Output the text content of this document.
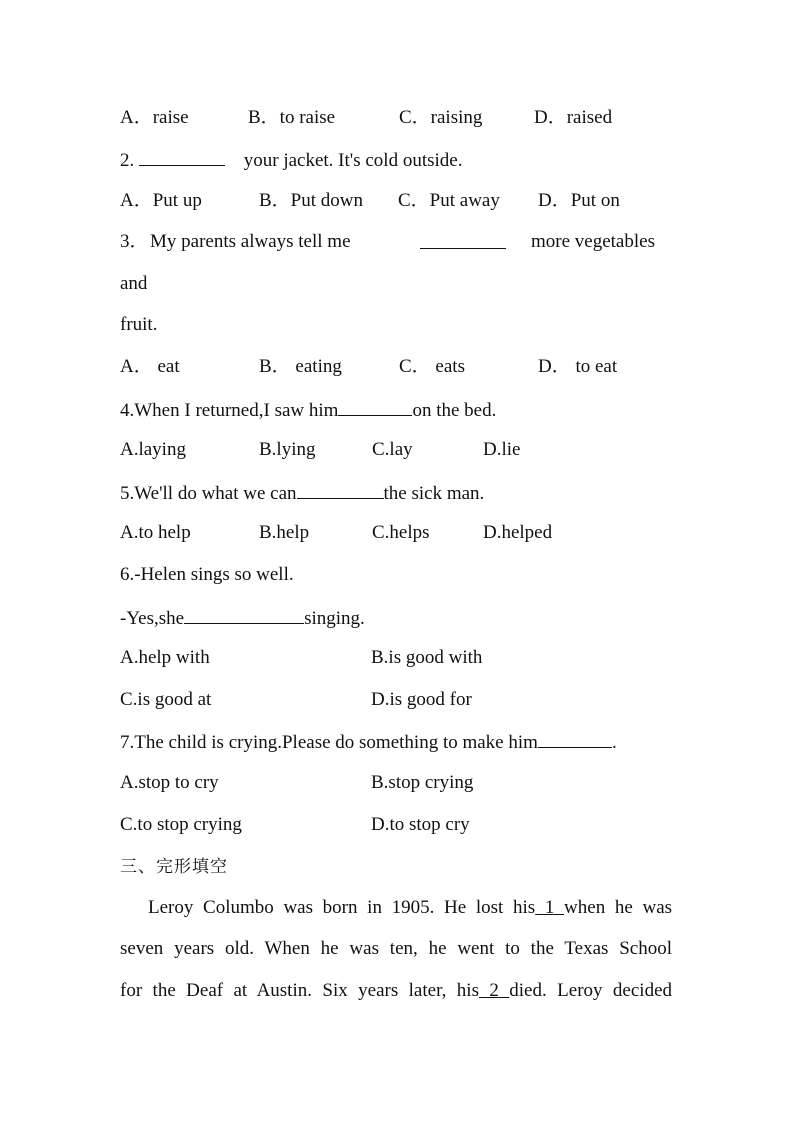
A．raise	B．to raise	C．raising	D．raised
2.	your jacket. It's cold outside.
A．Put up	B．Put down C．Put away D．Put on
3． My parents always tell me	more vegetables
and
fruit.
A． eat	B． eating	C． eats	D． to eat
4.When I returned,I saw him	on the bed.
A.laying	B.lying	C.lay	D.lie
5.We'll do what we can	the sick man.
A.to help	B.help	C.helps	D.helped
6.-Helen sings so well.
-Yes,she	singing.
A.help with	B.is good with
C.is good at	D.is good for
7.The child is crying.Please do something to make him	.
A.stop to cry	B.stop crying
C.to stop crying	D.to stop cry
三、完形填空
Leroy Columbo was born in 1905. He lost his 1 when he was
seven years old. When he was ten, he went to the Texas School
for the Deaf at Austin. Six years later, his 2 died. Leroy decided
